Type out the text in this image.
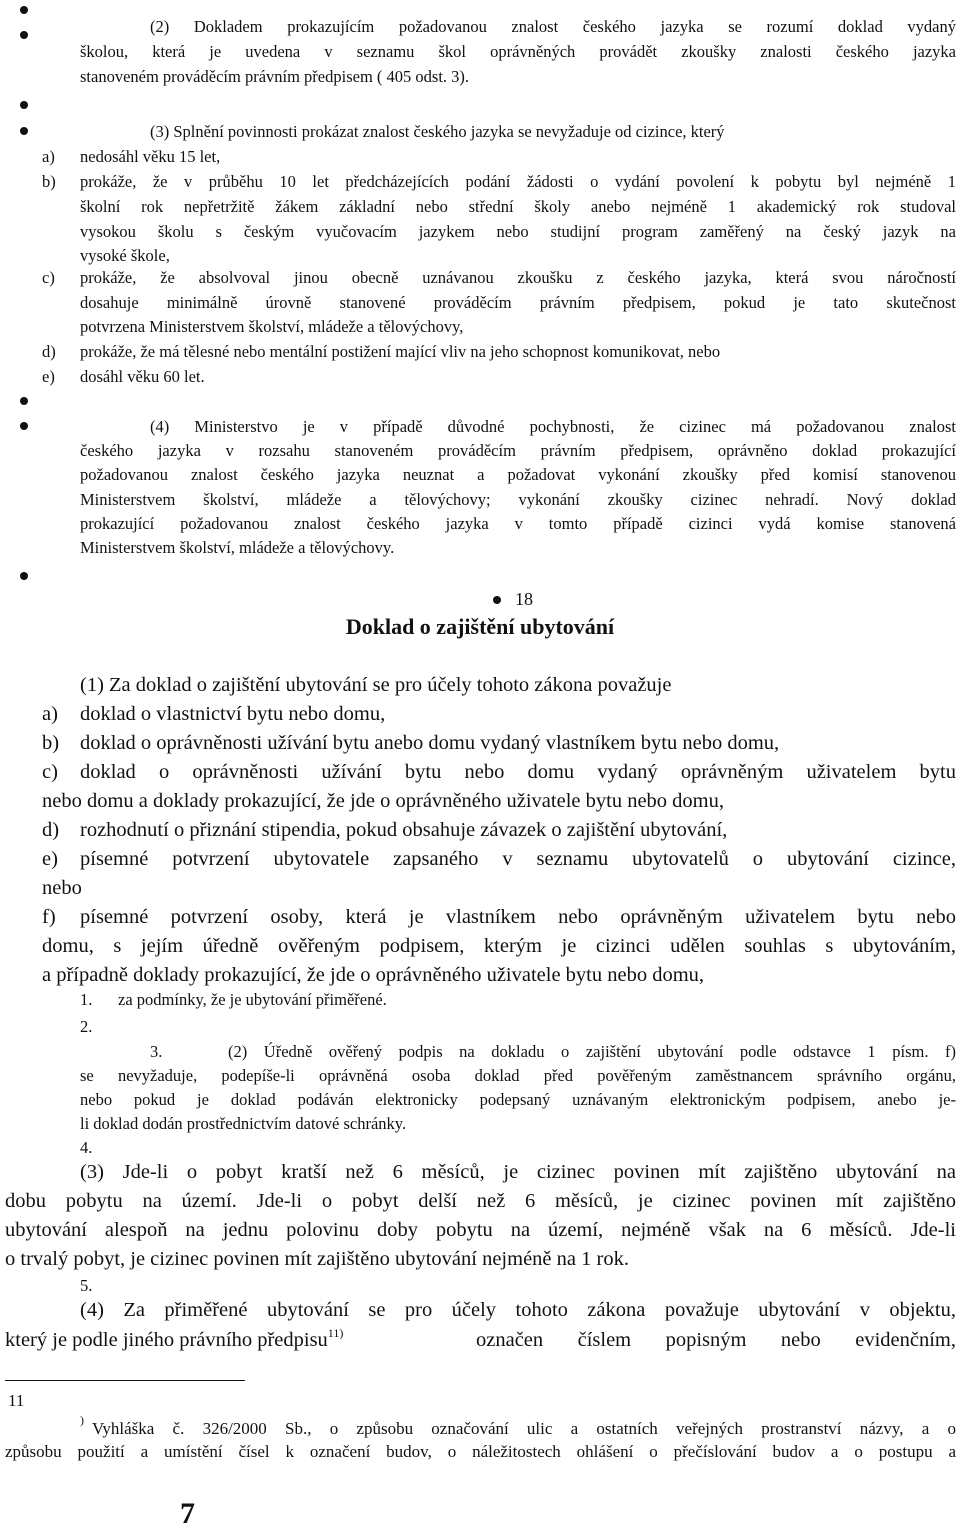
(2) Dokladem prokazujícím požadovanou znalost českého jazyka se rozumí doklad vydaný
školou, která je uvedena v seznamu škol oprávněných provádět zkoušky znalosti českého jazyka
stanoveném prováděcím právním předpisem ( 405 odst. 3).
(3) Splnění povinnosti prokázat znalost českého jazyka se nevyžaduje od cizince, který
a) nedosáhl věku 15 let,
b) prokáže, že v průběhu 10 let předcházejících podání žádosti o vydání povolení k pobytu byl nejméně 1
školní rok nepřetržitě žákem základní nebo střední školy anebo nejméně 1 akademický rok studoval
vysokou školu s českým vyučovacím jazykem nebo studijní program zaměřený na český jazyk na
vysoké škole,
c) prokáže, že absolvoval jinou obecně uznávanou zkoušku z českého jazyka, která svou náročností
dosahuje minimálně úrovně stanovené prováděcím právním předpisem, pokud je tato skutečnost
potvrzena Ministerstvem školství, mládeže a tělovýchovy,
d) prokáže, že má tělesné nebo mentální postižení mající vliv na jeho schopnost komunikovat, nebo
e) dosáhl věku 60 let.
(4) Ministerstvo je v případě důvodné pochybnosti, že cizinec má požadovanou znalost
českého jazyka v rozsahu stanoveném prováděcím právním předpisem, oprávněno doklad prokazující
požadovanou znalost českého jazyka neuznat a požadovat vykonání zkoušky před komisí stanovenou
Ministerstvem školství, mládeže a tělovýchovy; vykonání zkoušky cizinec nehradí. Nový doklad
prokazující požadovanou znalost českého jazyka v tomto případě cizinci vydá komise stanovená
Ministerstvem školství, mládeže a tělovýchovy.
18
Doklad o zajištění ubytování
(1) Za doklad o zajištění ubytování se pro účely tohoto zákona považuje
a) doklad o vlastnictví bytu nebo domu,
b) doklad o oprávněnosti užívání bytu anebo domu vydaný vlastníkem bytu nebo domu,
c) doklad o oprávněnosti užívání bytu nebo domu vydaný oprávněným uživatelem bytu
nebo domu a doklady prokazující, že jde o oprávněného uživatele bytu nebo domu,
d) rozhodnutí o přiznání stipendia, pokud obsahuje závazek o zajištění ubytování,
e) písemné potvrzení ubytovatele zapsaného v seznamu ubytovatelů o ubytování cizince,
nebo
f) písemné potvrzení osoby, která je vlastníkem nebo oprávněným uživatelem bytu nebo
domu, s jejím úředně ověřeným podpisem, kterým je cizinci udělen souhlas s ubytováním,
a případně doklady prokazující, že jde o oprávněného uživatele bytu nebo domu,
1. za podmínky, že je ubytování přiměřené.
2.
3.	(2) Úředně ověřený podpis na dokladu o zajištění ubytování podle odstavce 1 písm. f)
se nevyžaduje, podepíše-li oprávněná osoba doklad před pověřeným zaměstnancem správního orgánu,
nebo pokud je doklad podáván elektronicky podepsaný uznávaným elektronickým podpisem, anebo je-
li doklad dodán prostřednictvím datové schránky.
4.
(3) Jde-li o pobyt kratší než 6 měsíců, je cizinec povinen mít zajištěno ubytování na
dobu pobytu na území. Jde-li o pobyt delší než 6 měsíců, je cizinec povinen mít zajištěno
ubytování alespoň na jednu polovinu doby pobytu na území, nejméně však na 6 měsíců. Jde-li
o trvalý pobyt, je cizinec povinen mít zajištěno ubytování nejméně na 1 rok.
5.
(4) Za přiměřené ubytování se pro účely tohoto zákona považuje ubytování v objektu,
který je podle jiného právního předpisu$^{11)}$	označen číslem popisným nebo evidenčním,
11
) Vyhláška č. 326/2000 Sb., o způsobu označování ulic a ostatních veřejných prostranství názvy, a o
způsobu použití a umístění čísel k označení budov, o náležitostech ohlášení o přečíslování budov a o postupu a
7
